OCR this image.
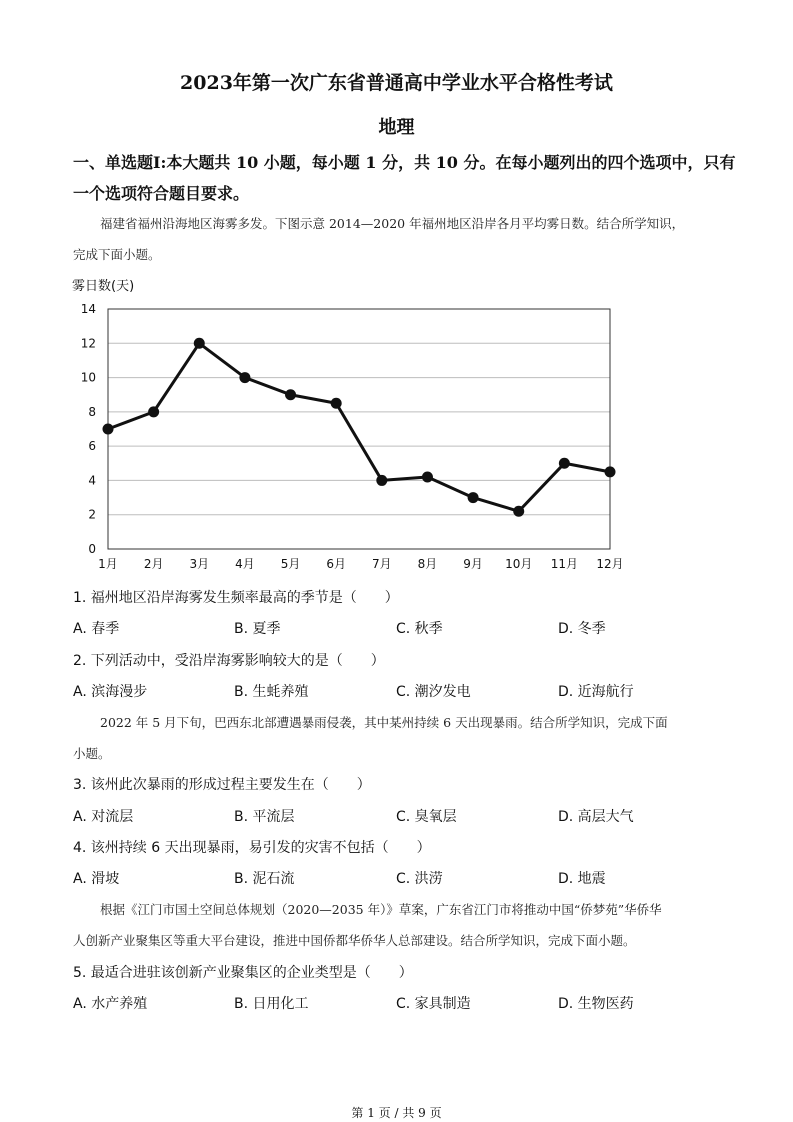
2023年第一次广东省普通高中学业水平合格性考试
地理
一、单选题I:本大题共 10 小题，每小题 1 分，共 10 分。在每小题列出的四个选项中，只有
一个选项符合题目要求。
福建省福州沿海地区海雾多发。下图示意 2014—2020 年福州地区沿岸各月平均雾日数。结合所学知识，
完成下面小题。
雾日数(天)
0
2
4
6
8
10
12
14
1月 2月 3月 4月 5月 6月 7月 8月 9月 10月 11月 12月
1. 福州地区沿岸海雾发生频率最高的季节是（　　）
A. 春季	B. 夏季	C. 秋季	D. 冬季
2. 下列活动中，受沿岸海雾影响较大的是（　　）
A. 滨海漫步	B. 生蚝养殖	C. 潮汐发电	D. 近海航行
2022 年 5 月下旬，巴西东北部遭遇暴雨侵袭，其中某州持续 6 天出现暴雨。结合所学知识，完成下面
小题。
3. 该州此次暴雨的形成过程主要发生在（　　）
A. 对流层	B. 平流层	C. 臭氧层	D. 高层大气
4. 该州持续 6 天出现暴雨，易引发的灾害不包括（　　）
A. 滑坡	B. 泥石流	C. 洪涝	D. 地震
根据《江门市国土空间总体规划（2020—2035 年）》草案，广东省江门市将推动中国“侨梦苑”华侨华
人创新产业聚集区等重大平台建设，推进中国侨都华侨华人总部建设。结合所学知识，完成下面小题。
5. 最适合进驻该创新产业聚集区的企业类型是（　　）
A. 水产养殖	B. 日用化工	C. 家具制造	D. 生物医药
第 1 页 / 共 9 页
